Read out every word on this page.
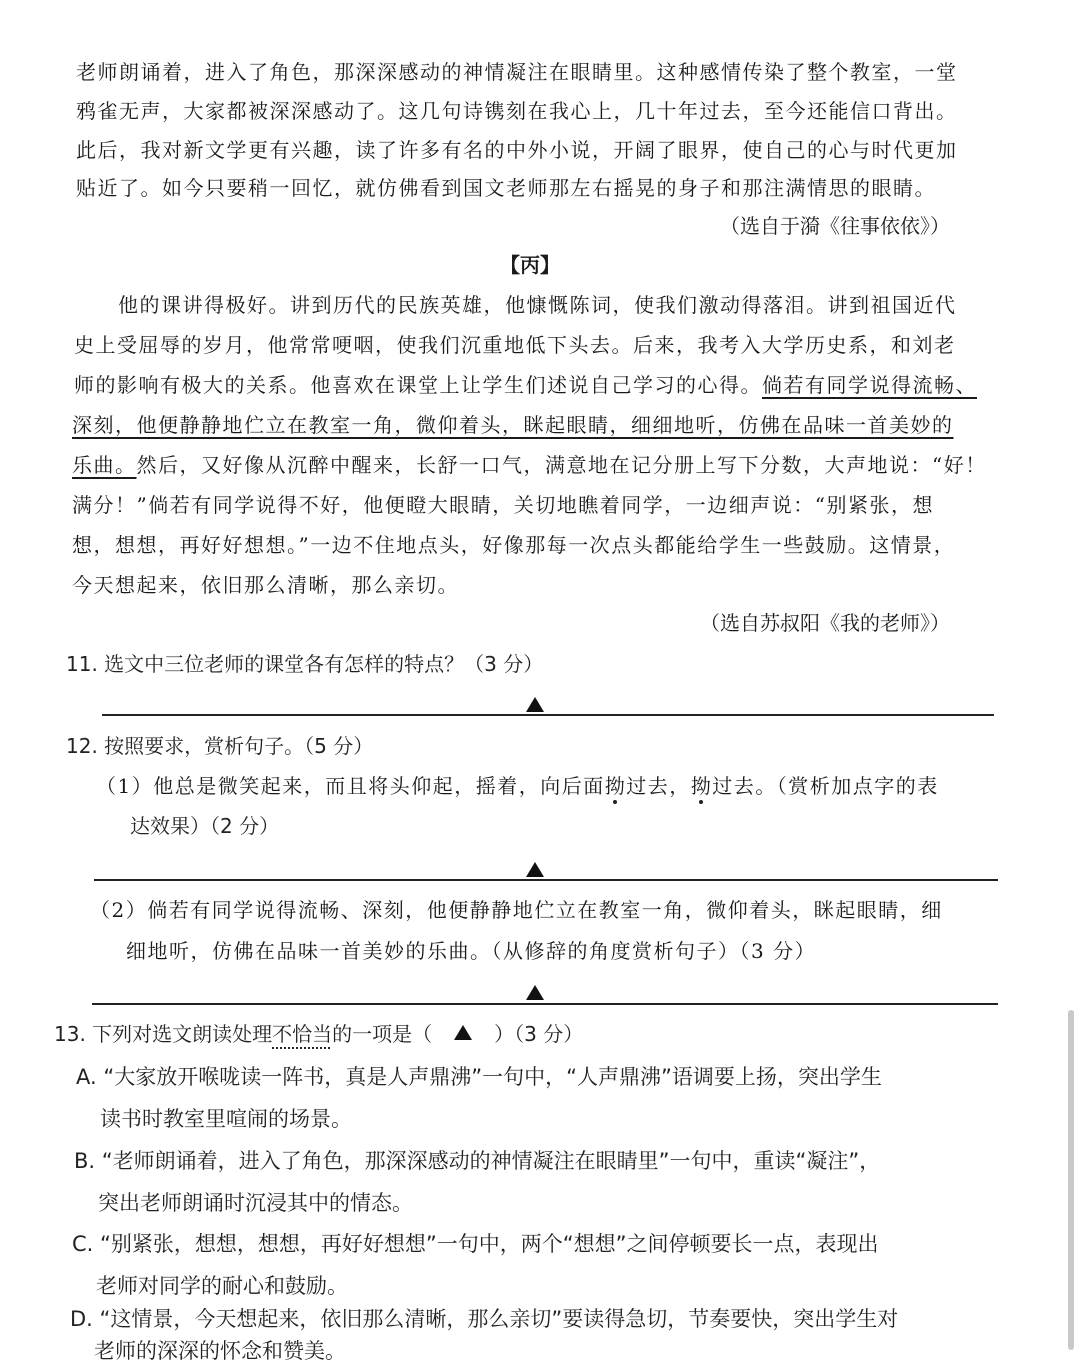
老师朗诵着，进入了角色，那深深感动的神情凝注在眼睛里。这种感情传染了整个教室，一堂
鸦雀无声，大家都被深深感动了。这几句诗镌刻在我心上，几十年过去，至今还能信口背出。
此后，我对新文学更有兴趣，读了许多有名的中外小说，开阔了眼界，使自己的心与时代更加
贴近了。如今只要稍一回忆，就仿佛看到国文老师那左右摇晃的身子和那注满情思的眼睛。
（选自于漪《往事依依》）
【丙】
他的课讲得极好。讲到历代的民族英雄，他慷慨陈词，使我们激动得落泪。讲到祖国近代
史上受屈辱的岁月，他常常哽咽，使我们沉重地低下头去。后来，我考入大学历史系，和刘老
师的影响有极大的关系。他喜欢在课堂上让学生们述说自己学习的心得。倘若有同学说得流畅、
深刻，他便静静地伫立在教室一角，微仰着头，眯起眼睛，细细地听，仿佛在品味一首美妙的
乐曲。然后，又好像从沉醉中醒来，长舒一口气，满意地在记分册上写下分数，大声地说：“好！
满分！”倘若有同学说得不好，他便瞪大眼睛，关切地瞧着同学，一边细声说：“别紧张，想
想，想想，再好好想想。”一边不住地点头，好像那每一次点头都能给学生一些鼓励。这情景，
今天想起来，依旧那么清晰，那么亲切。
（选自苏叔阳《我的老师》）
11. 选文中三位老师的课堂各有怎样的特点？（3 分）
12. 按照要求，赏析句子。（5 分）
（1）他总是微笑起来，而且将头仰起，摇着，向后面拗过去，拗过去。（赏析加点字的表
达效果）（2 分）
（2）倘若有同学说得流畅、深刻，他便静静地伫立在教室一角，微仰着头，眯起眼睛，细
细地听，仿佛在品味一首美妙的乐曲。（从修辞的角度赏析句子）（3 分）
13. 下列对选文朗读处理不恰当的一项是（	）（3 分）
A. “大家放开喉咙读一阵书，真是人声鼎沸”一句中，“人声鼎沸”语调要上扬，突出学生
读书时教室里喧闹的场景。
B. “老师朗诵着，进入了角色，那深深感动的神情凝注在眼睛里”一句中，重读“凝注”，
突出老师朗诵时沉浸其中的情态。
C. “别紧张，想想，想想，再好好想想”一句中，两个“想想”之间停顿要长一点，表现出
老师对同学的耐心和鼓励。
D. “这情景，今天想起来，依旧那么清晰，那么亲切”要读得急切，节奏要快，突出学生对
老师的深深的怀念和赞美。
